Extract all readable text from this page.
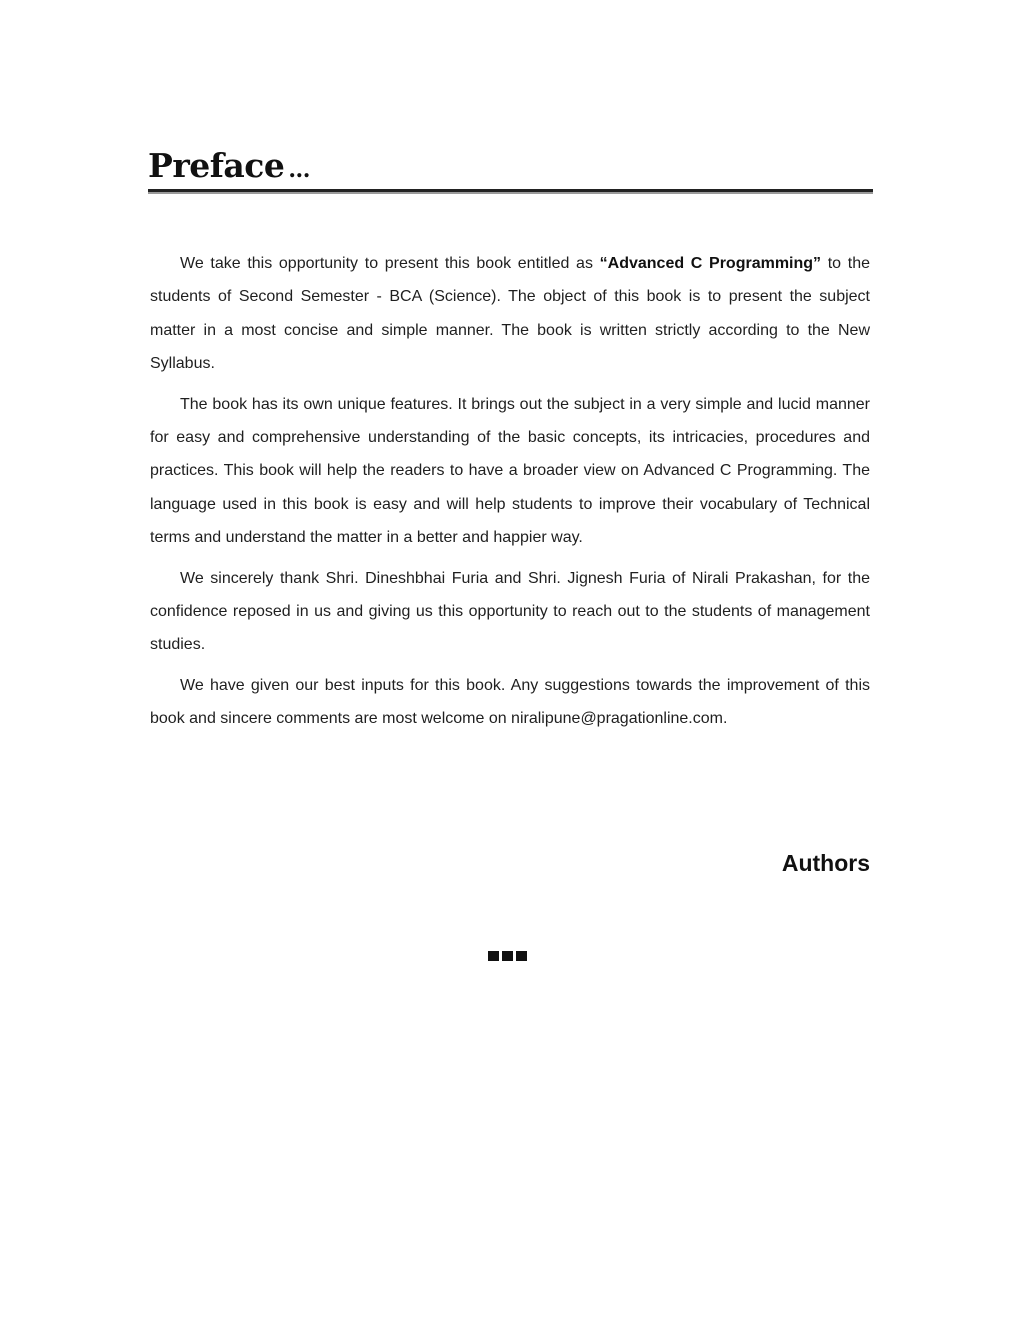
Preface ...

We take this opportunity to present this book entitled as “Advanced C Programming” to the students of Second Semester - BCA (Science). The object of this book is to present the subject matter in a most concise and simple manner. The book is written strictly according to the New Syllabus.

The book has its own unique features. It brings out the subject in a very simple and lucid manner for easy and comprehensive understanding of the basic concepts, its intricacies, procedures and practices. This book will help the readers to have a broader view on Advanced C Programming. The language used in this book is easy and will help students to improve their vocabulary of Technical terms and understand the matter in a better and happier way.

We sincerely thank Shri. Dineshbhai Furia and Shri. Jignesh Furia of Nirali Prakashan, for the confidence reposed in us and giving us this opportunity to reach out to the students of management studies.

We have given our best inputs for this book. Any suggestions towards the improvement of this book and sincere comments are most welcome on niralipune@pragationline.com.

Authors
